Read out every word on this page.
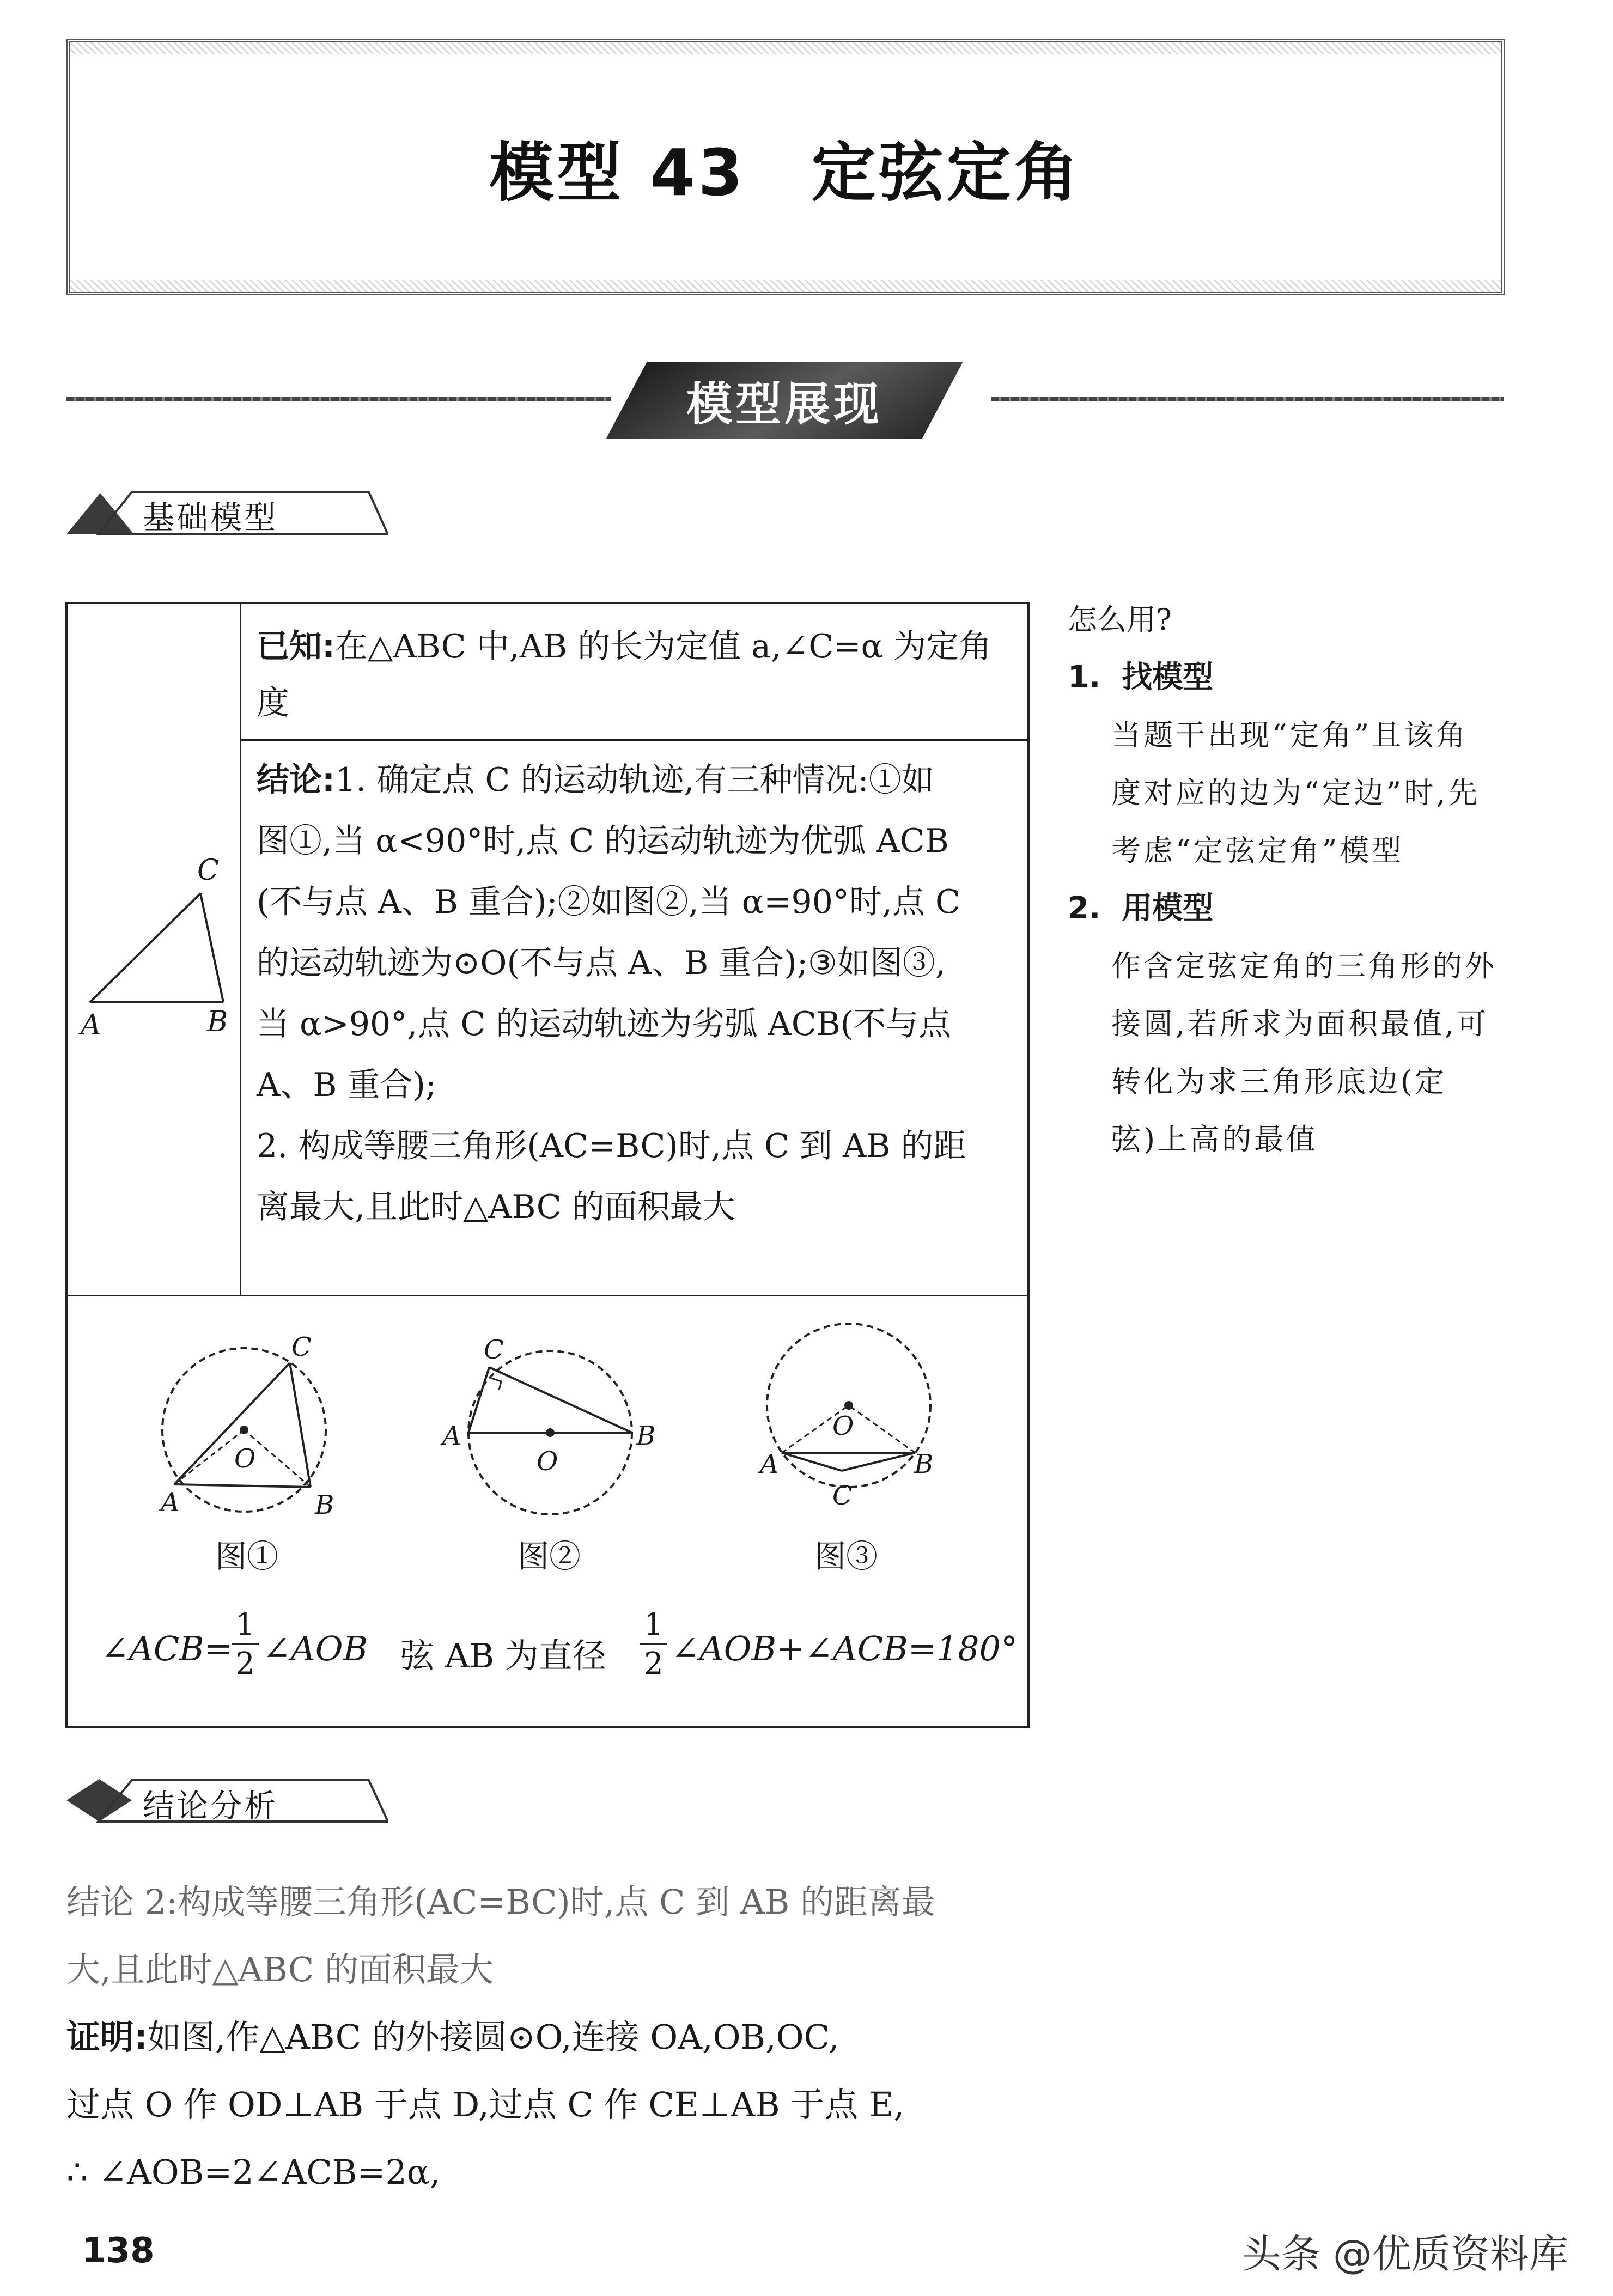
模型 43 定弦定角
模型展现
基础模型
C
A	B
已知:在△ABC 中,AB 的长为定值 a,∠C=α 为定角度
结论:1. 确定点 C 的运动轨迹,有三种情况:①如
图①,当 α<90°时,点 C 的运动轨迹为优弧 ACB
(不与点 A、B 重合);②如图②,当 α=90°时,点 C
的运动轨迹为⊙O(不与点 A、B 重合);③如图③,
当 α>90°,点 C 的运动轨迹为劣弧 ACB(不与点
A、B 重合);
2. 构成等腰三角形(AC=BC)时,点 C 到 AB 的距
离最大,且此时△ABC 的面积最大
C
O
A	B
图①
C
O
A	B
图②
O
A	B
C
图③
∠ACB=
1
2 ∠AOB 弦 AB 为直径
1
2 ∠AOB+∠ACB=180°
怎么用?
1. 找模型
当题干出现“定角”且该角
度对应的边为“定边”时,先
考虑“定弦定角”模型
2. 用模型
作含定弦定角的三角形的外
接圆,若所求为面积最值,可
转化为求三角形底边(定
弦)上高的最值
结论分析
结论 2:构成等腰三角形(AC=BC)时,点 C 到 AB 的距离最
大,且此时△ABC 的面积最大
证明:如图,作△ABC 的外接圆⊙O,连接 OA,OB,OC,
过点 O 作 OD⊥AB 于点 D,过点 C 作 CE⊥AB 于点 E,
∴ ∠AOB=2∠ACB=2α,
138	头条 @优质资料库
